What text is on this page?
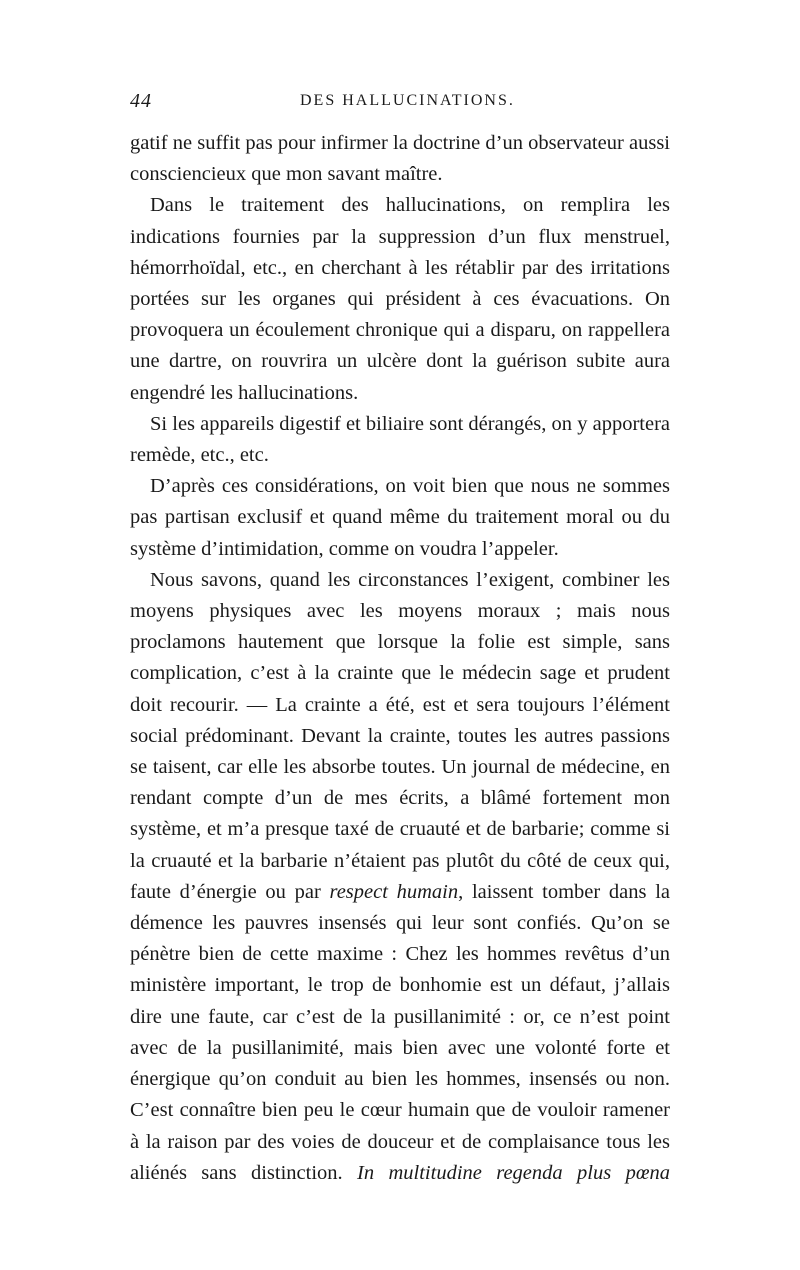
44	DES HALLUCINATIONS.

gatif ne suffit pas pour infirmer la doctrine d’un observateur aussi consciencieux que mon savant maître.

Dans le traitement des hallucinations, on remplira les indications fournies par la suppression d’un flux menstruel, hémorrhoïdal, etc., en cherchant à les rétablir par des irritations portées sur les organes qui président à ces évacuations. On provoquera un écoulement chronique qui a disparu, on rappellera une dartre, on rouvrira un ulcère dont la guérison subite aura engendré les hallucinations.

Si les appareils digestif et biliaire sont dérangés, on y apportera remède, etc., etc.

D’après ces considérations, on voit bien que nous ne sommes pas partisan exclusif et quand même du traitement moral ou du système d’intimidation, comme on voudra l’appeler.

Nous savons, quand les circonstances l’exigent, combiner les moyens physiques avec les moyens moraux ; mais nous proclamons hautement que lorsque la folie est simple, sans complication, c’est à la crainte que le médecin sage et prudent doit recourir. — La crainte a été, est et sera toujours l’élément social prédominant. Devant la crainte, toutes les autres passions se taisent, car elle les absorbe toutes. Un journal de médecine, en rendant compte d’un de mes écrits, a blâmé fortement mon système, et m’a presque taxé de cruauté et de barbarie; comme si la cruauté et la barbarie n’étaient pas plutôt du côté de ceux qui, faute d’énergie ou par respect humain, laissent tomber dans la démence les pauvres insensés qui leur sont confiés. Qu’on se pénètre bien de cette maxime : Chez les hommes revêtus d’un ministère important, le trop de bonhomie est un défaut, j’allais dire une faute, car c’est de la pusillanimité : or, ce n’est point avec de la pusillanimité, mais bien avec une volonté forte et énergique qu’on conduit au bien les hommes, insensés ou non. C’est connaître bien peu le cœur humain que de vouloir ramener à la raison par des voies de douceur et de complaisance tous les aliénés sans distinction. In multitudine regenda plus pœna
